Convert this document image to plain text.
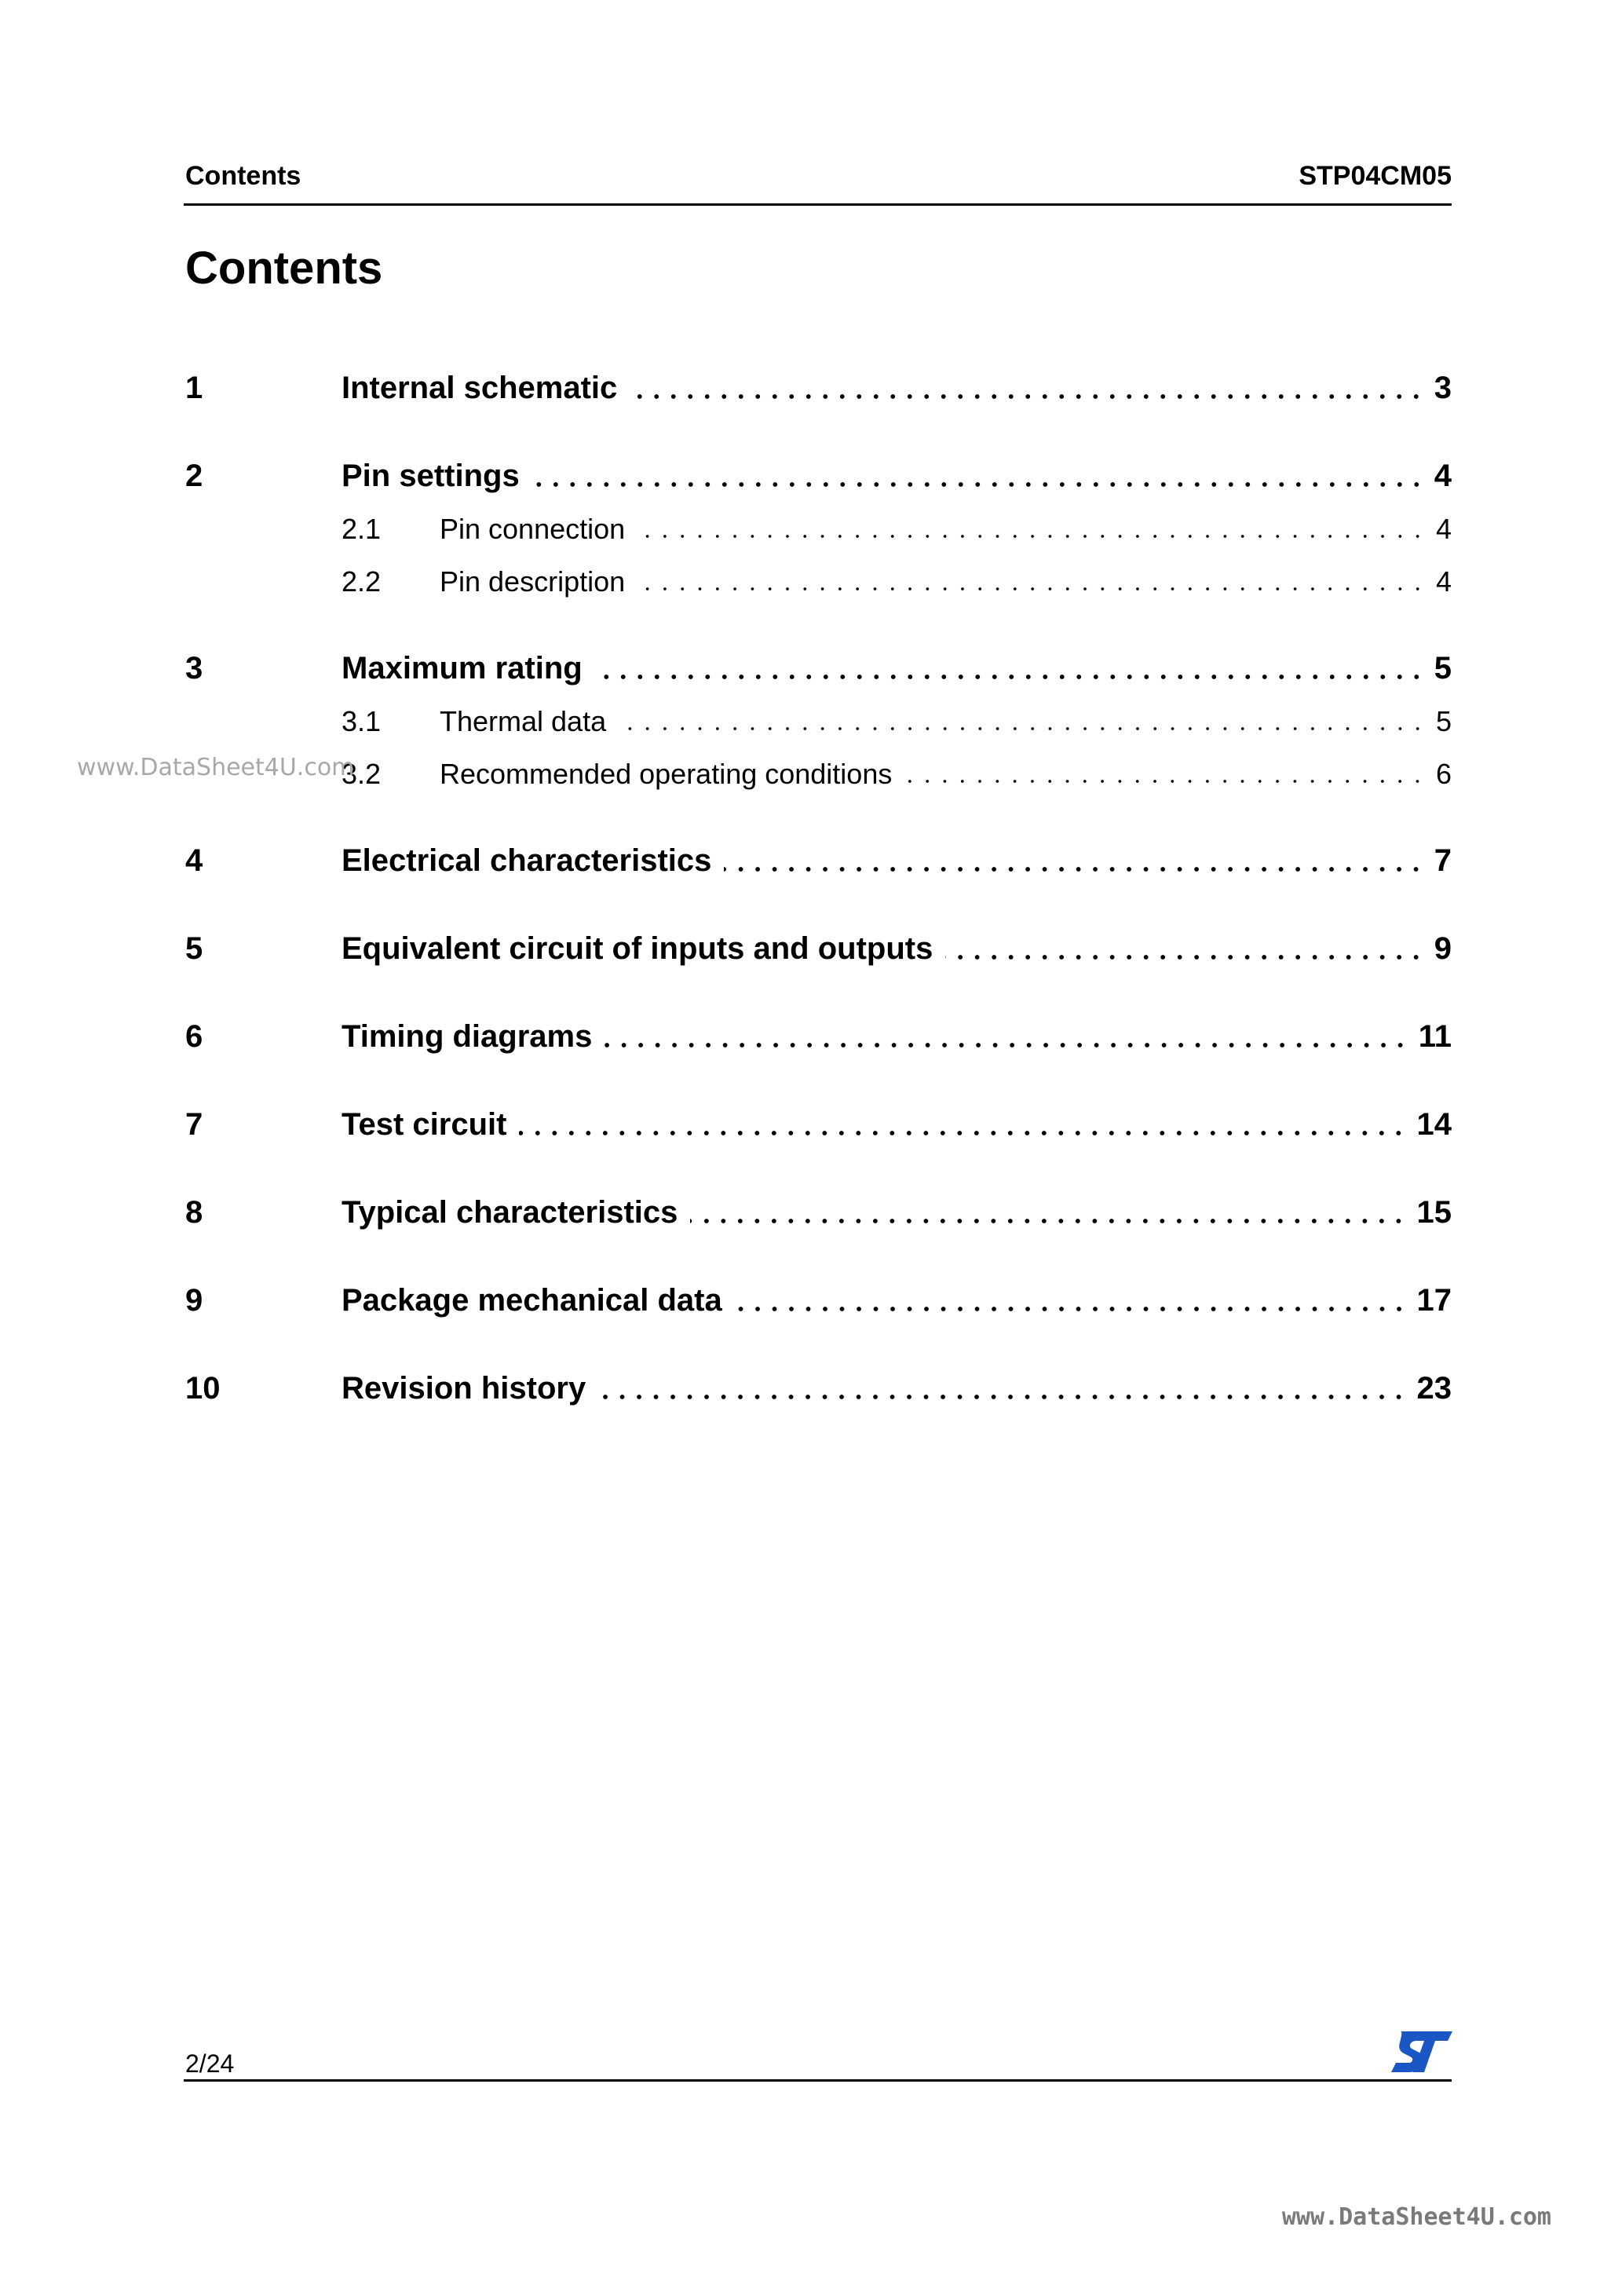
Contents	STP04CM05
Contents
1	Internal schematic	3
2	Pin settings	4
2.1 Pin connection	4
2.2 Pin description	4
3	Maximum rating	5
3.1 Thermal data	5
3.2 Recommended operating conditions	6
4	Electrical characteristics	7
5	Equivalent circuit of inputs and outputs	9
6	Timing diagrams	11
7	Test circuit	14
8	Typical characteristics	15
9	Package mechanical data	17
10	Revision history	23
www.DataSheet4U.com
2/24
www.DataSheet4U.com
